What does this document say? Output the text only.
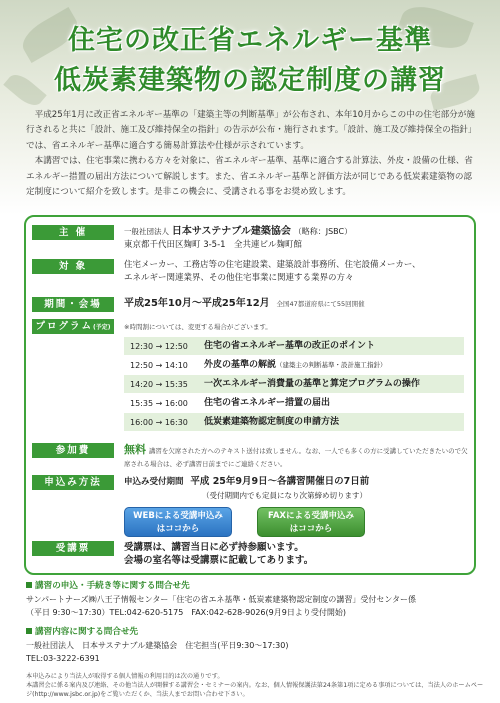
住宅の改正省エネルギー基準
低炭素建築物の認定制度の講習

平成25年1月に改正省エネルギー基準の「建築主等の判断基準」が公布され、本年10月からこの中の住宅部分が施行されると共に「設計、施工及び維持保全の指針」の告示が公布・施行されます。「設計、施工及び維持保全の指針」では、省エネルギー基準に適合する簡易計算法や仕様が示されています。

本講習では、住宅事業に携わる方々を対象に、省エネルギー基準、基準に適合する計算法、外皮・設備の仕様、省エネルギー措置の届出方法について解説します。また、省エネルギー基準と評価方法が同じである低炭素建築物の認定制度について紹介を致します。是非この機会に、受講される事をお奨め致します。

主 催	一般社団法人 日本サステナブル建築協会 （略称：JSBC）
東京都千代田区麹町 3-5-1　全共連ビル麹町館
対 象	住宅メーカー、工務店等の住宅建設業、建築設計事務所、住宅設備メーカー、
エネルギー関連業界、その他住宅事業に関連する業界の方々
期間・会場	平成25年10月～平成25年12月 全国47都道府県にて55回開催
プログラム(予定)	※時間割については、変更する場合がございます。
12:30 → 12:50	住宅の省エネルギー基準の改正のポイント
12:50 → 14:10	外皮の基準の解説（建築主の判断基準・設計施工指針）
14:20 → 15:35	一次エネルギー消費量の基準と算定プログラムの操作
15:35 → 16:00	住宅の省エネルギー措置の届出
16:00 → 16:30	低炭素建築物認定制度の申請方法
参加費	無料 講習を欠席された方へのテキスト送付は致しません。なお、一人でも多くの方に受講していただきたいので欠席される場合は、必ず講習日前までにご連絡ください。
申込み方法	申込み受付期間 平成 25年9月9日～各講習開催日の7日前
（受付期間内でも定員になり次第締め切ります）
WEBによる受講申込み
はココから
FAXによる受講申込み
はココから
受講票	受講票は、講習当日に必ず持参願います。
会場の室名等は受講票に記載してあります。
講習の申込・手続き等に関する問合せ先
サンパートナーズ㈱八王子情報センター「住宅の省エネ基準・低炭素建築物認定制度の講習」受付センター係
（平日 9:30～17:30）TEL:042-620-5175　FAX:042-628-9026(9月9日より受付開始)
講習内容に関する問合せ先
一般社団法人　日本サステナブル建築協会　住宅担当(平日9:30～17:30)
TEL:03-3222-6391
本申込みにより当法人が取得する個人情報の利用目的は次の通りです。
本講習会に係る案内及び連絡、その他当法人が開催する講習会・セミナーの案内。なお、個人情報保護法第24条第1項に定める事項については、当法人のホームページ(http://www.jsbc.or.jp)をご覧いただくか、当法人までお問い合わせ下さい。
